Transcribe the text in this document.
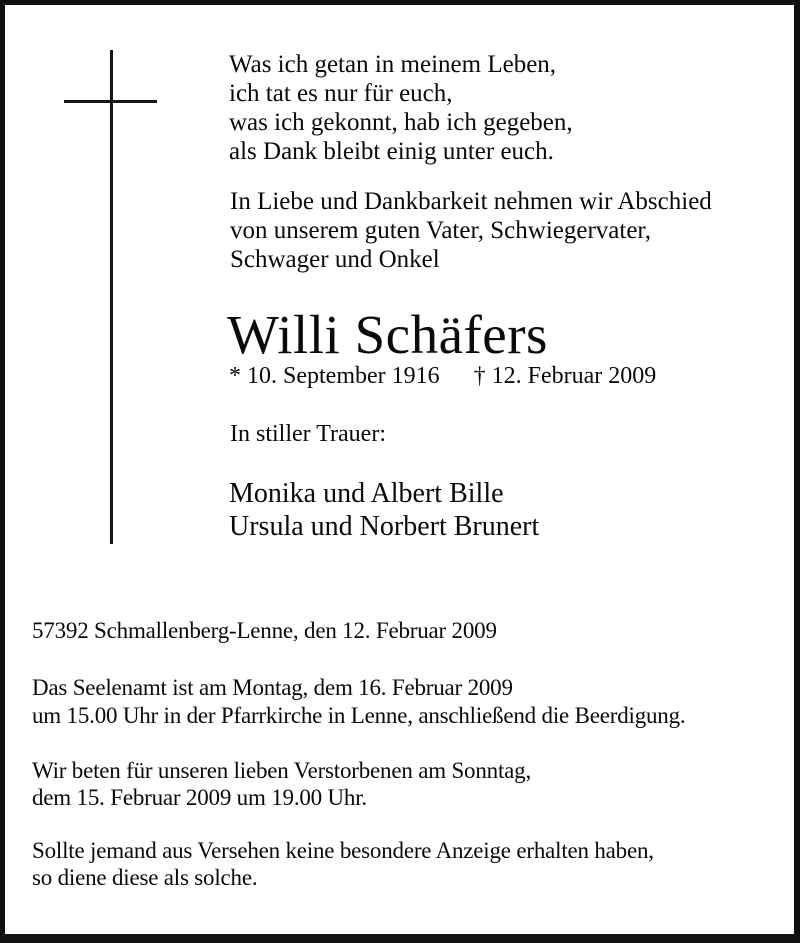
Was ich getan in meinem Leben,
ich tat es nur für euch,
was ich gekonnt, hab ich gegeben,
als Dank bleibt einig unter euch.
In Liebe und Dankbarkeit nehmen wir Abschied
von unserem guten Vater, Schwiegervater,
Schwager und Onkel
Willi Schäfers
* 10. September 1916 † 12. Februar 2009
In stiller Trauer:
Monika und Albert Bille
Ursula und Norbert Brunert
57392 Schmallenberg-Lenne, den 12. Februar 2009
Das Seelenamt ist am Montag, dem 16. Februar 2009
um 15.00 Uhr in der Pfarrkirche in Lenne, anschließend die Beerdigung.
Wir beten für unseren lieben Verstorbenen am Sonntag,
dem 15. Februar 2009 um 19.00 Uhr.
Sollte jemand aus Versehen keine besondere Anzeige erhalten haben,
so diene diese als solche.
